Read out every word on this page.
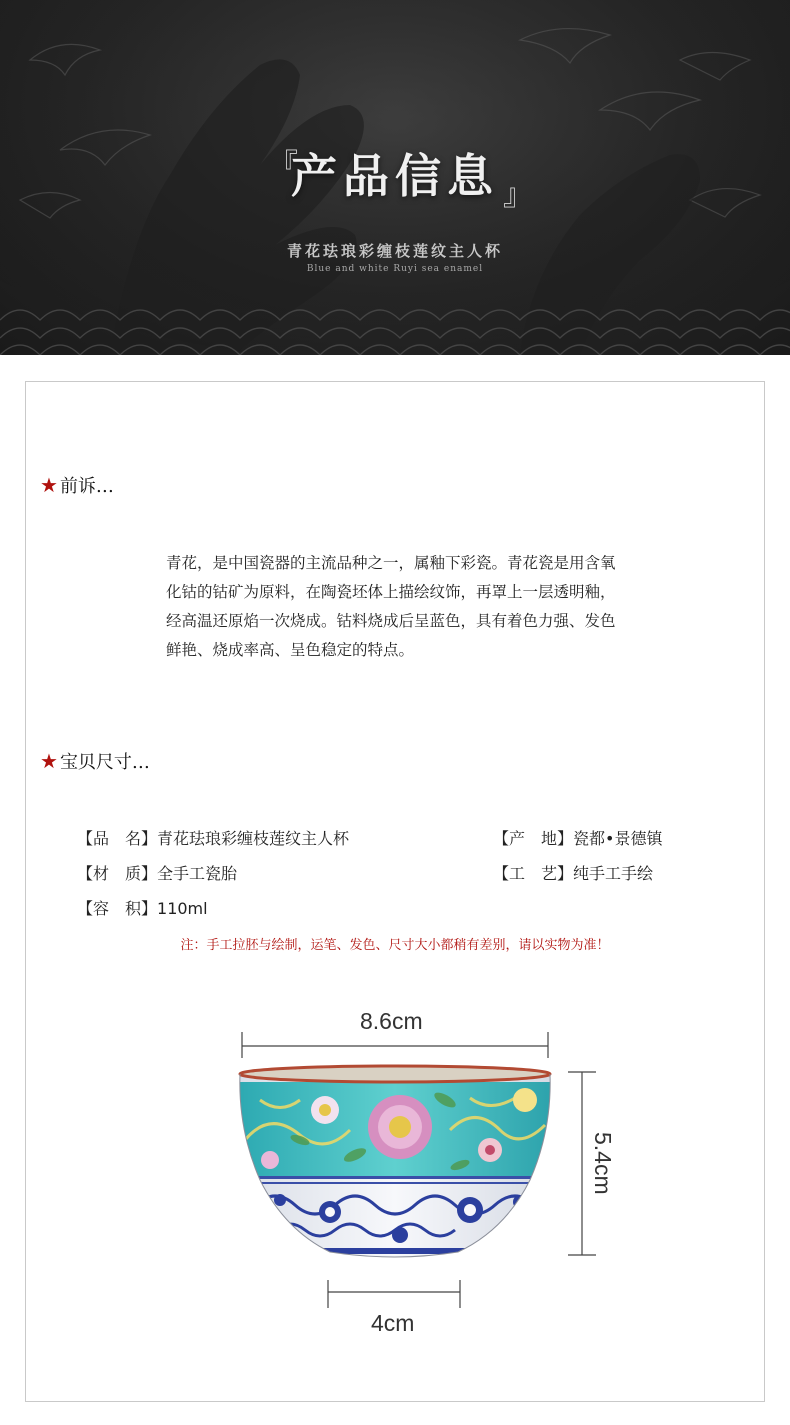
『
产品信息 』
青花珐琅彩缠枝莲纹主人杯
Blue and white Ruyi sea enamel
★ 前诉…

青花，是中国瓷器的主流品种之一，属釉下彩瓷。青花瓷是用含氧化钴的钴矿为原料，在陶瓷坯体上描绘纹饰，再罩上一层透明釉，经高温还原焰一次烧成。钴料烧成后呈蓝色，具有着色力强、发色鲜艳、烧成率高、呈色稳定的特点。

★ 宝贝尺寸…
【品　名】青花珐琅彩缠枝莲纹主人杯	【产　地】瓷都•景德镇
【材　质】全手工瓷胎	【工　艺】纯手工手绘
【容　积】110ml
注：手工拉胚与绘制，运笔、发色、尺寸大小都稍有差别，请以实物为准！
8.6cm
5.4cm
4cm
